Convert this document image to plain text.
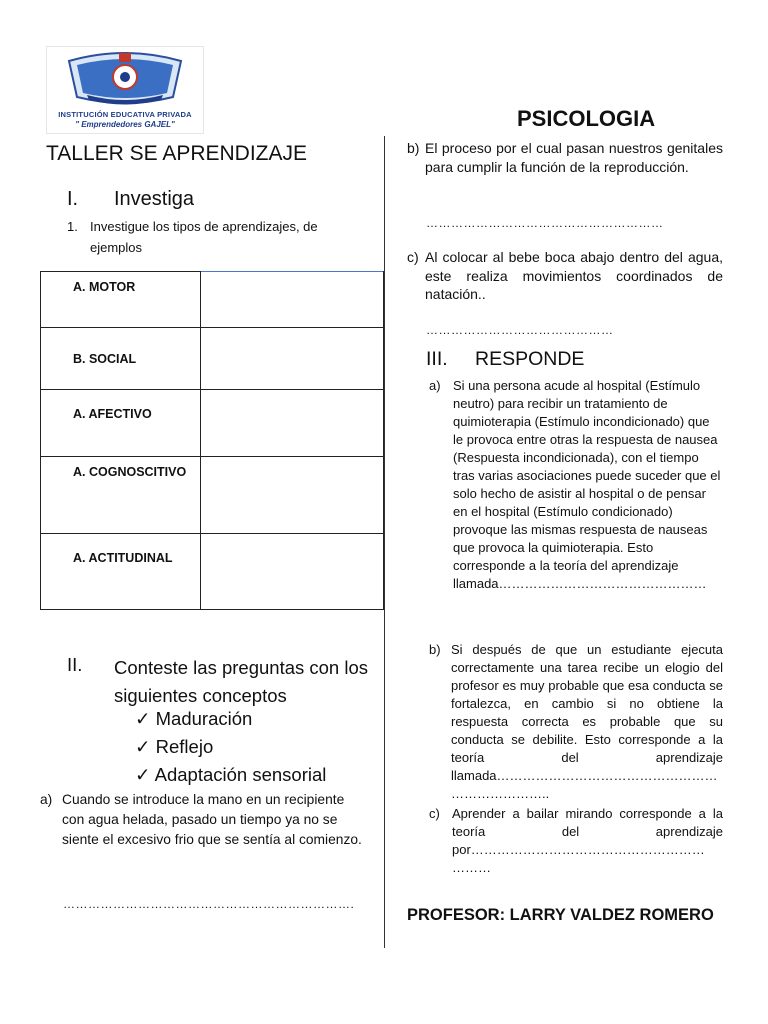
INSTITUCIÓN EDUCATIVA PRIVADA
" Emprendedores GAJEL"
TALLER SE APRENDIZAJE
PSICOLOGIA
I. Investiga
1. Investigue los tipos de aprendizajes, de ejemplos
A. MOTOR	

B. SOCIAL	

A. AFECTIVO	

A. COGNOSCITIVO	

A. ACTITUDINAL	

II. Conteste las preguntas con los siguientes conceptos
✓ Maduración
✓ Reflejo
✓ Adaptación sensorial
a) Cuando se introduce la mano en un recipiente con agua helada, pasado un tiempo ya no se siente el excesivo frio que se sentía al comienzo.
…………………………………………………………….
b) El proceso por el cual pasan nuestros genitales para cumplir la función de la reproducción.
…………………………………………………
c) Al colocar al bebe boca abajo dentro del agua, este realiza movimientos coordinados de natación..
………………………………………
III. RESPONDE
a) Si una persona acude al hospital (Estímulo neutro) para recibir un tratamiento de quimioterapia (Estímulo incondicionado) que le provoca entre otras la respuesta de nausea (Respuesta incondicionada), con el tiempo tras varias asociaciones puede suceder que el solo hecho de asistir al hospital o de pensar en el hospital (Estímulo condicionado) provoque las mismas respuesta de nauseas que provoca la quimioterapia. Esto corresponde a la teoría del aprendizaje llamada…………………………………………
b) Si después de que un estudiante ejecuta correctamente una tarea recibe un elogio del profesor es muy probable que esa conducta se fortalezca, en cambio si no obtiene la respuesta correcta es probable que su conducta se debilite. Esto corresponde a la teoría del aprendizaje llamada…………………………………………… …………………..
c) Aprender a bailar mirando corresponde a la teoría del aprendizaje por……………………………………………… ………
PROFESOR: LARRY VALDEZ ROMERO
